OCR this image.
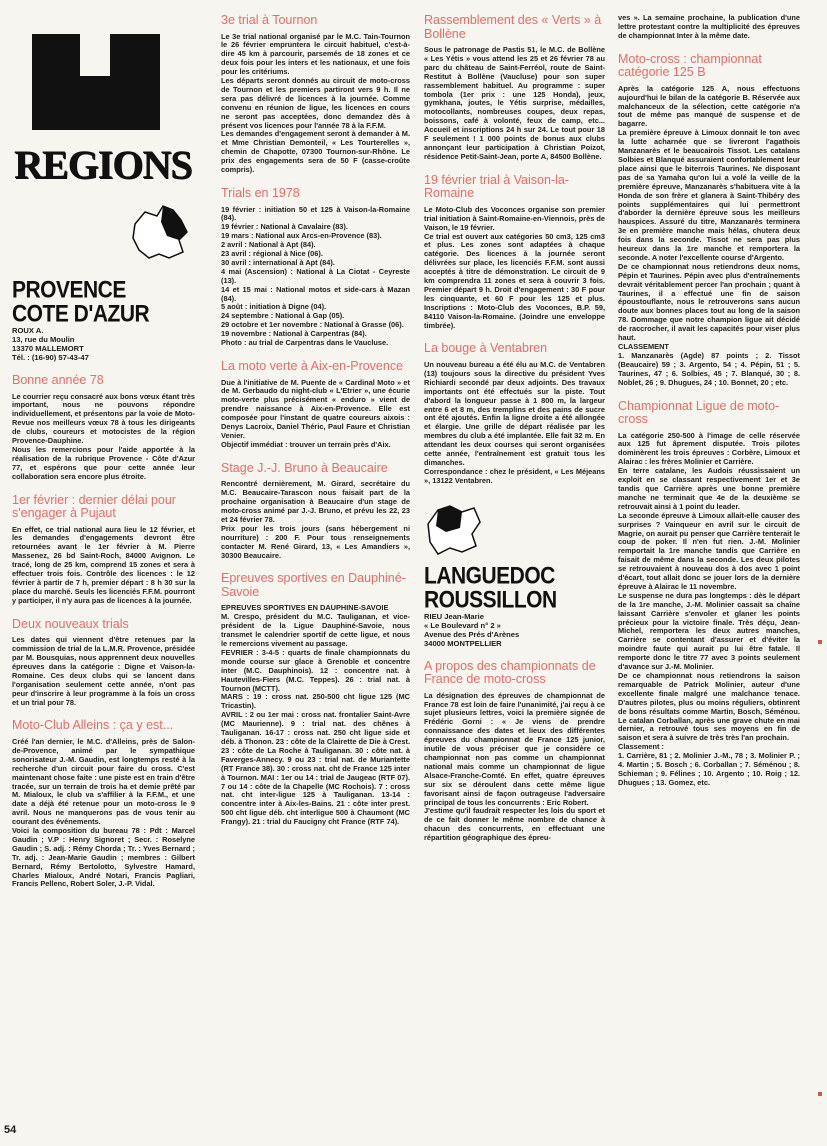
REGIONS
PROVENCE
COTE D'AZUR
ROUX A.
13, rue du Moulin
13370 MALLEMORT
Tél. : (16-90) 57-43-47
Bonne année 78

Le courrier reçu consacré aux bons vœux étant très important, nous ne pouvons répondre individuellement, et présentons par la voie de Moto-Revue nos meilleurs vœux 78 à tous les dirigeants de clubs, coureurs et motocistes de la région Provence-Dauphine.
Nous les remercions pour l'aide apportée à la réalisation de la rubrique Provence - Côte d'Azur 77, et espérons que pour cette année leur collaboration sera encore plus étroite.

1er février : dernier délai pour s'engager à Pujaut

En effet, ce trial national aura lieu le 12 février, et les demandes d'engagements devront être retournées avant le 1er février à M. Pierre Massenez, 26 bd Saint-Roch, 84000 Avignon. Le tracé, long de 25 km, comprend 15 zones et sera à effectuer trois fois. Contrôle des licences : le 12 février à partir de 7 h, premier départ : 8 h 30 sur la place du marché. Seuls les licenciés F.F.M. pourront y participer, il n'y aura pas de licences à la journée.

Deux nouveaux trials

Les dates qui viennent d'être retenues par la commission de trial de la L.M.R. Provence, présidée par M. Bousquias, nous apprennent deux nouvelles épreuves dans la catégorie : Digne et Vaison-la-Romaine. Ces deux clubs qui se lancent dans l'organisation seulement cette année, n'ont pas peur d'inscrire à leur programme à la fois un cross et un trial pour 78.

Moto-Club Alleins : ça y est...

Créé l'an dernier, le M.C. d'Alleins, près de Salon-de-Provence, animé par le sympathique sonorisateur J.-M. Gaudin, est longtemps resté à la recherche d'un circuit pour faire du cross. C'est maintenant chose faite : une piste est en train d'être tracée, sur un terrain de trois ha et demie prêté par M. Mialoux, le club va s'affilier à la F.F.M., et une date a déjà été retenue pour un moto-cross le 9 avril. Nous ne manquerons pas de vous tenir au courant des événements.
Voici la composition du bureau 78 : Pdt : Marcel Gaudin ; V.P : Henry Signoret ; Secr. : Roselyne Gaudin ; S. adj. : Rémy Chorda ; Tr. : Yves Bernard ; Tr. adj. : Jean-Marie Gaudin ; membres : Gilbert Bernard, Rémy Bertolotto, Sylvestre Hamard, Charles Mialoux, André Notari, Francis Pagliari, Francis Pellenc, Robert Soler, J.-P. Vidal.

3e trial à Tournon

Le 3e trial national organisé par le M.C. Tain-Tournon le 26 février empruntera le circuit habituel, c'est-à-dire 45 km à parcourir, parsemés de 18 zones et ce deux fois pour les inters et les nationaux, et une fois pour les critériums.
Les départs seront donnés au circuit de moto-cross de Tournon et les premiers partiront vers 9 h. Il ne sera pas délivré de licences à la journée. Comme convenu en réunion de ligue, les licences en cours ne seront pas acceptées, donc demandez dès à présent vos licences pour l'année 78 à la F.F.M.
Les demandes d'engagement seront à demander à M. et Mme Christian Demonteil, « Les Tourterelles », chemin de Chapotte, 07300 Tournon-sur-Rhône. Le prix des engagements sera de 50 F (casse-croûte compris).

Trials en 1978

19 février : initiation 50 et 125 à Vaison-la-Romaine (84).
19 février : National à Cavalaire (83).
19 mars : National aux Arcs-en-Provence (83).
2 avril : National à Apt (84).
23 avril : régional à Nice (06).
30 avril : international à Apt (84).
4 mai (Ascension) : National à La Ciotat - Ceyreste (13).
14 et 15 mai : National motos et side-cars à Mazan (84).
5 août : initiation à Digne (04).
24 septembre : National à Gap (05).
29 octobre et 1er novembre : National à Grasse (06).
19 novembre : National à Carpentras (84).
Photo : au trial de Carpentras dans le Vaucluse.

La moto verte à Aix-en-Provence

Due à l'initiative de M. Puente de « Cardinal Moto » et de M. Gerbaudo du night-club « L'Etrier », une écurie moto-verte plus précisément « enduro » vient de prendre naissance à Aix-en-Provence. Elle est composée pour l'instant de quatre coureurs aixois : Denys Lacroix, Daniel Théric, Paul Faure et Christian Venier.
Objectif immédiat : trouver un terrain près d'Aix.

Stage J.-J. Bruno à Beaucaire

Rencontré dernièrement, M. Girard, secrétaire du M.C. Beaucaire-Tarascon nous faisait part de la prochaine organisation à Beaucaire d'un stage de moto-cross animé par J.-J. Bruno, et prévu les 22, 23 et 24 février 78.
Prix pour les trois jours (sans hébergement ni nourriture) : 200 F. Pour tous renseignements contacter M. René Girard, 13, « Les Amandiers », 30300 Beaucaire.

Epreuves sportives en Dauphiné-Savoie

EPREUVES SPORTIVES EN DAUPHINE-SAVOIE
M. Crespo, président du M.C. Tauliganan, et vice-président de la Ligue Dauphiné-Savoie, nous transmet le calendrier sportif de cette ligue, et nous le remercions vivement au passage.
FEVRIER : 3-4-5 : quarts de finale championnats du monde course sur glace à Grenoble et concentre inter (M.C. Dauphinois). 12 : concentre nat. à Hautevilles-Fiers (M.C. Teppes). 26 : trial nat. à Tournon (MCTT).
MARS : 19 : cross nat. 250-500 cht ligue 125 (MC Tricastin).
AVRIL : 2 ou 1er mai : cross nat. frontalier Saint-Avre (MC Maurienne). 9 : trial nat. des chênes à Tauliganan. 16-17 : cross nat. 250 cht ligue side et déb. à Thonon. 23 : côte de la Clairette de Die à Crest. 23 : côte de La Roche à Tauliganan. 30 : côte nat. à Faverges-Annecy. 9 ou 23 : trial nat. de Muriantette (RT France 38). 30 : cross nat. cht de France 125 inter à Tournon. MAI : 1er ou 14 : trial de Jaugeac (RTF 07). 7 ou 14 : côte de la Chapelle (MC Rochois). 7 : cross nat. cht inter-ligue 125 à Tauliganan. 13-14 : concentre inter à Aix-les-Bains. 21 : côte inter prest. 500 cht ligue déb. cht interligue 500 à Chaumont (MC Frangy). 21 : trial du Faucigny cht France (RTF 74).

Rassemblement des « Verts » à Bollène

Sous le patronage de Pastis 51, le M.C. de Bollène « Les Yétis » vous attend les 25 et 26 février 78 au parc du château de Saint-Ferréol, route de Saint-Restitut à Bollène (Vaucluse) pour son super rassemblement habituel. Au programme : super tombola (1er prix : une 125 Honda), jeux, gymkhana, joutes, le Yétis surprise, médailles, motocollants, nombreuses coupes, deux repas, boissons, café à volonté, feux de camp, etc... Accueil et inscriptions 24 h sur 24. Le tout pour 18 F seulement ! 1 000 points de bonus aux clubs annonçant leur participation à Christian Poizot, résidence Petit-Saint-Jean, porte A, 84500 Bollène.

19 février trial à Vaison-la-Romaine

Le Moto-Club des Voconces organise son premier trial initiation à Saint-Romaine-en-Viennois, près de Vaison, le 19 février.
Ce trial est ouvert aux catégories 50 cm3, 125 cm3 et plus. Les zones sont adaptées à chaque catégorie. Des licences à la journée seront délivrées sur place, les licenciés F.F.M. sont aussi acceptés à titre de démonstration. Le circuit de 9 km comprendra 11 zones et sera à couvrir 3 fois. Premier départ 9 h. Droit d'engagement : 30 F pour les cinquante, et 60 F pour les 125 et plus. Inscriptions : Moto-Club des Voconces, B.P. 59, 84110 Vaison-la-Romaine. (Joindre une enveloppe timbrée).

La bouge à Ventabren

Un nouveau bureau a été élu au M.C. de Ventabren (13) toujours sous la directive du président Yves Richiardi secondé par deux adjoints. Des travaux importants ont été effectués sur la piste. Tout d'abord la longueur passe à 1 800 m, la largeur entre 6 et 8 m, des tremplins et des pains de sucre ont été ajoutés. Enfin la ligne droite a été allongée et élargie. Une grille de départ réalisée par les membres du club a été implantée. Elle fait 32 m. En attendant les deux courses qui seront organisées cette année, l'entraînement est gratuit tous les dimanches.
Correspondance : chez le président, « Les Méjeans », 13122 Ventabren.

LANGUEDOC
ROUSSILLON
RIEU Jean-Marie
« Le Boulevard n° 2 »
Avenue des Prés d'Arènes
34000 MONTPELLIER
A propos des championnats de France de moto-cross

La désignation des épreuves de championnat de France 78 est loin de faire l'unanimité, j'ai reçu à ce sujet plusieurs lettres, voici la première signée de Frédéric Gorni : « Je viens de prendre connaissance des dates et lieux des différentes épreuves du championnat de France 125 junior, inutile de vous préciser que je considère ce championnat non pas comme un championnat national mais comme un championnat de ligue Alsace-Franche-Comté. En effet, quatre épreuves sur six se déroulent dans cette même ligue favorisant ainsi de façon outrageuse l'adversaire principal de tous les concurrents : Eric Robert.
J'estime qu'il faudrait respecter les lois du sport et de ce fait donner le même nombre de chance à chacun des concurrents, en effectuant une répartition géographique des épreu-

ves ». La semaine prochaine, la publication d'une lettre protestant contre la multiplicité des épreuves de championnat Inter à la même date.

Moto-cross : championnat catégorie 125 B

Après la catégorie 125 A, nous effectuons aujourd'hui le bilan de la catégorie B. Réservée aux malchanceux de la sélection, cette catégorie n'a tout de même pas manqué de suspense et de bagarre.
La première épreuve à Limoux donnait le ton avec la lutte acharnée que se livreront l'agathois Manzanarès et le beaucairois Tissot. Les catalans Solbies et Blanqué assuraient confortablement leur place ainsi que le biterrois Taurines. Ne disposant pas de sa Yamaha qu'on lui a volé la veille de la première épreuve, Manzanarès s'habituera vite à la Honda de son frère et glanera à Saint-Thibéry des points supplémentaires qui lui permettront d'aborder la dernière épreuve sous les meilleurs hauspices. Assuré du titre, Manzanarès terminera 3e en première manche mais hélas, chutera deux fois dans la seconde. Tissot ne sera pas plus heureux dans la 1re manche et remportera la seconde. A noter l'excellente course d'Argento.
De ce championnat nous retiendrons deux noms, Pépin et Taurines. Pépin avec plus d'entraînements devrait véritablement percer l'an prochain ; quant à Taurines, il a effectué une fin de saison époustouflante, nous le retrouverons sans aucun doute aux bonnes places tout au long de la saison 78. Dommage que notre champion ligue ait décidé de raccrocher, il avait les capacités pour viser plus haut.
CLASSEMENT
1. Manzanarès (Agde) 87 points ; 2. Tissot (Beaucaire) 59 ; 3. Argento, 54 ; 4. Pépin, 51 ; 5. Taurines, 47 ; 6. Solbies, 45 ; 7. Blanqué, 30 ; 8. Noblet, 26 ; 9. Dhugues, 24 ; 10. Bonnet, 20 ; etc.

Championnat Ligue de moto-cross

La catégorie 250-500 à l'image de celle réservée aux 125 fut âprement disputée. Trois pilotes dominèrent les trois épreuves : Corbère, Limoux et Alairac : les frères Molinier et Carrière.
En terre catalane, les Audois réussissaient un exploit en se classant respectivement 1er et 3e tandis que Carrière après une bonne première manche ne terminait que 4e de la deuxième se retrouvait ainsi à 1 point du leader.
La seconde épreuve à Limoux allait-elle causer des surprises ? Vainqueur en avril sur le circuit de Magrie, on aurait pu penser que Carrière tenterait le coup de poker. Il n'en fut rien. J.-M. Molinier remportait la 1re manche tandis que Carrière en faisait de même dans la seconde. Les deux pilotes se retrouvaient à nouveau dos à dos avec 1 point d'écart, tout allait donc se jouer lors de la dernière épreuve à Alairac le 11 novembre.
Le suspense ne dura pas longtemps : dès le départ de la 1re manche, J.-M. Molinier cassait sa chaîne laissant Carrière s'envoler et glaner les points précieux pour la victoire finale. Très déçu, Jean-Michel, remportera les deux autres manches, Carrière se contentant d'assurer et d'éviter la moindre faute qui aurait pu lui être fatale. Il remporte donc le titre 77 avec 3 points seulement d'avance sur J.-M. Molinier.
De ce championnat nous retiendrons la saison remarquable de Patrick Molinier, auteur d'une excellente finale malgré une malchance tenace. D'autres pilotes, plus ou moins réguliers, obtinrent de bons résultats comme Martin, Bosch, Séménou. Le catalan Corballan, après une grave chute en mai dernier, a retrouvé tous ses moyens en fin de saison et sera à suivre de très très l'an prochain.
Classement :
1. Carrière, 81 ; 2. Molinier J.-M., 78 ; 3. Molinier P. ; 4. Martin ; 5. Bosch ; 6. Corballan ; 7. Séménou ; 8. Schieman ; 9. Félines ; 10. Argento ; 10. Roig ; 12. Dhugues ; 13. Gomez, etc.

54
